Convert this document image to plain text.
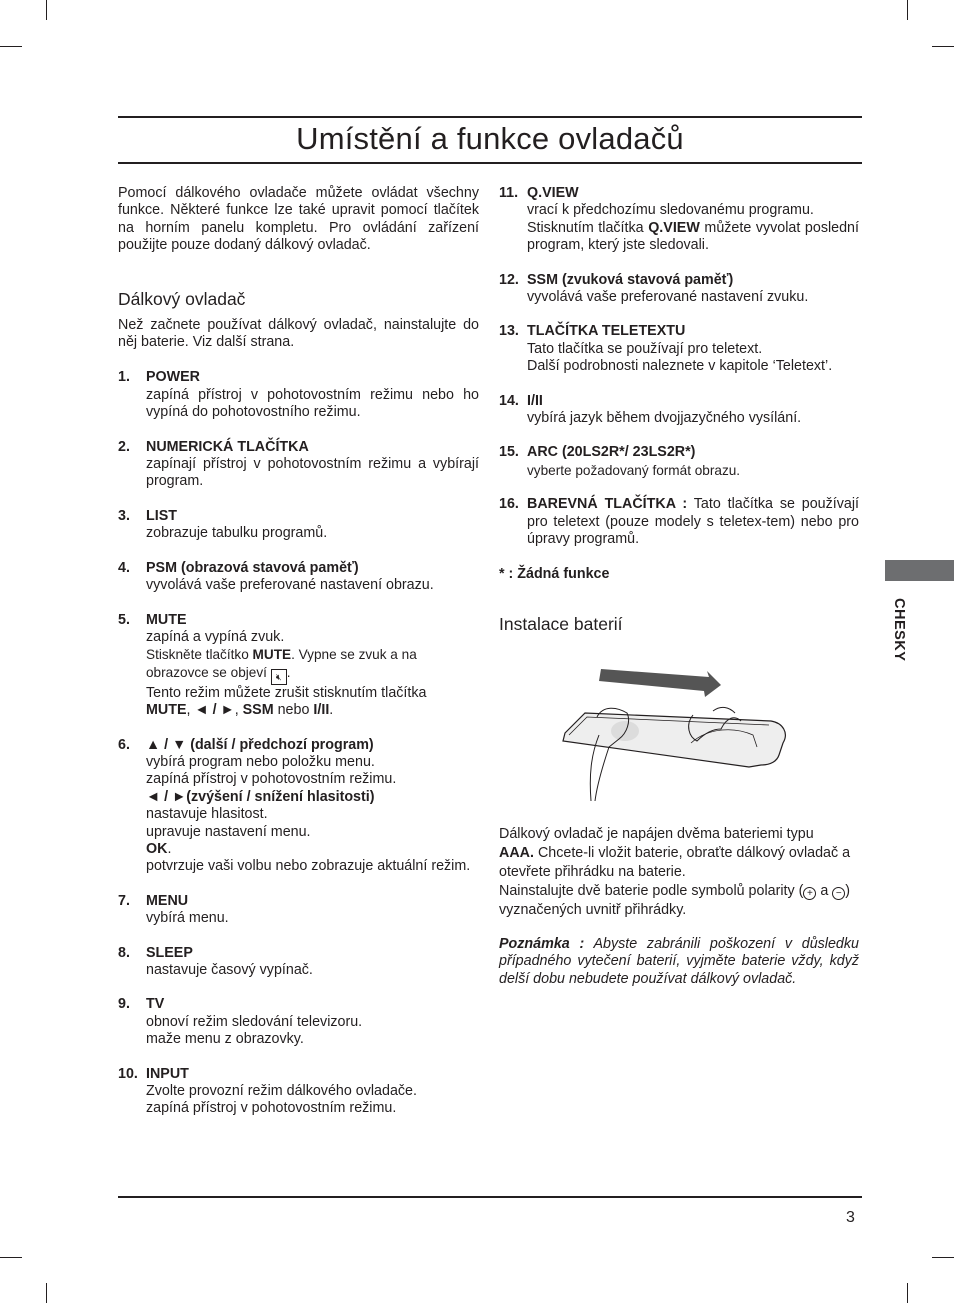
Umístění a funkce ovladačů

Pomocí dálkového ovladače můžete ovládat všechny funkce. Některé funkce lze také upravit pomocí tlačítek na horním panelu kompletu. Pro ovládání zařízení použijte pouze dodaný dálkový ovladač.

Dálkový ovladač

Než začnete používat dálkový ovladač, nainstalujte do něj baterie. Viz další strana.

1.	POWER
zapíná přístroj v pohotovostním režimu nebo ho vypíná do pohotovostního režimu.
2.	NUMERICKÁ TLAČÍTKA
zapínají přístroj v pohotovostním režimu a vybírají program.
3.	LIST
zobrazuje tabulku programů.
4.	PSM (obrazová stavová paměť)
vyvolává vaše preferované nastavení obrazu.
5.	MUTE
zapíná a vypíná zvuk.
Stiskněte tlačítko MUTE. Vypne se zvuk a na obrazovce se objeví 🔇︎ .
Tento režim můžete zrušit stisknutím tlačítka
MUTE, ◄ / ►, SSM nebo I/II.
6.	▲ / ▼ (další / předchozí program)
vybírá program nebo položku menu.
zapíná přístroj v pohotovostním režimu.
◄ / ►(zvýšení / snížení hlasitosti)
nastavuje hlasitost.
upravuje nastavení menu.
OK.
potvrzuje vaši volbu nebo zobrazuje aktuální režim.
7.	MENU
vybírá menu.
8.	SLEEP
nastavuje časový vypínač.
9.	TV
obnoví režim sledování televizoru.
maže menu z obrazovky.
10. INPUT
Zvolte provozní režim dálkového ovladače.
zapíná přístroj v pohotovostním režimu.
11. Q.VIEW
vrací k předchozímu sledovanému programu.
Stisknutím tlačítka Q.VIEW můžete vyvolat poslední program, který jste sledovali.
12. SSM (zvuková stavová paměť)
vyvolává vaše preferované nastavení zvuku.
13. TLAČÍTKA TELETEXTU
Tato tlačítka se používají pro teletext.
Další podrobnosti naleznete v kapitole ‘Teletext’.
14. I/II
vybírá jazyk během dvojjazyčného vysílání.
15. ARC (20LS2R*/ 23LS2R*)
vyberte požadovaný formát obrazu.
16. BAREVNÁ TLAČÍTKA : Tato tlačítka se používají pro teletext (pouze modely s teletex-tem) nebo pro úpravy programů.
* : Žádná funkce
Instalace baterií
Dálkový ovladač je napájen dvěma bateriemi typu
AAA. Chcete-li vložit baterie, obraťte dálkový ovladač a otevřete přihrádku na baterie.
Nainstalujte dvě baterie podle symbolů polarity ( + a − ) vyznačených uvnitř přihrádky.

Poznámka : Abyste zabránili poškození v důsledku případného vytečení baterií, vyjměte baterie vždy, když delší dobu nebudete používat dálkový ovladač.

CHESKY
3
